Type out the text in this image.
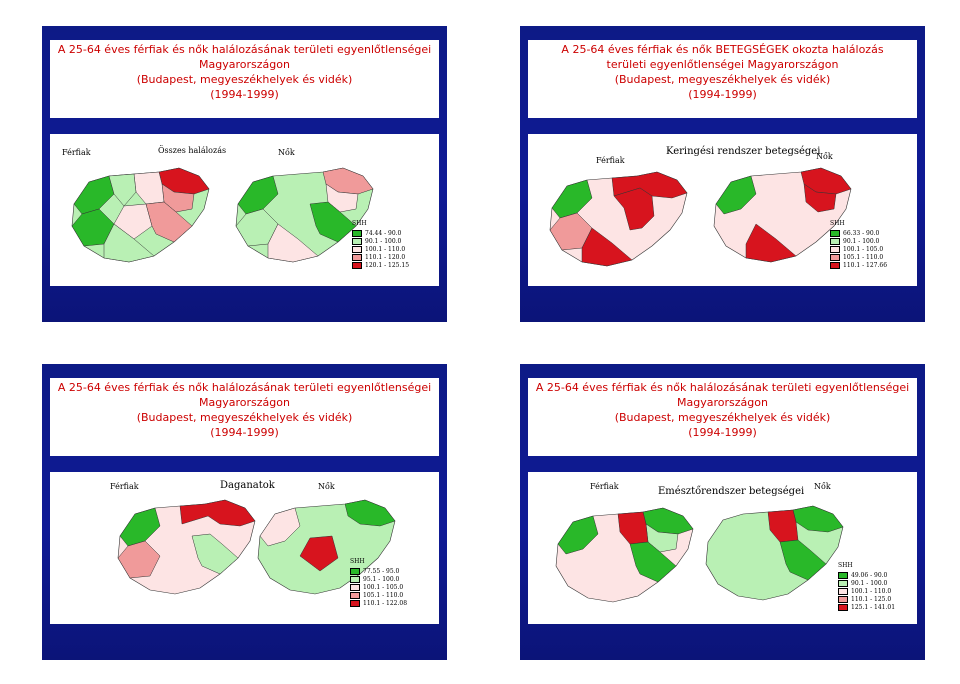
A 25-64 éves férfiak és nők halálozásának területi egyenlőtlenségei
Magyarországon
(Budapest, megyeszékhelyek és vidék)
(1994-1999)
Férfiak	Összes halálozás	Nők
SHH
74.44 - 90.0
90.1 - 100.0
100.1 - 110.0
110.1 - 120.0
120.1 - 125.15
A 25-64 éves férfiak és nők BETEGSÉGEK okozta halálozás
területi egyenlőtlenségei Magyarországon
(Budapest, megyeszékhelyek és vidék)
(1994-1999)
Férfiak
Keringési rendszer betegségei
Nők
SHH
66.33 - 90.0
90.1 - 100.0
100.1 - 105.0
105.1 - 110.0
110.1 - 127.66
A 25-64 éves férfiak és nők halálozásának területi egyenlőtlenségei
Magyarországon
(Budapest, megyeszékhelyek és vidék)
(1994-1999)
Férfiak	Daganatok	Nők
SHH
77.55 - 95.0
95.1 - 100.0
100.1 - 105.0
105.1 - 110.0
110.1 - 122.08
A 25-64 éves férfiak és nők halálozásának területi egyenlőtlenségei
Magyarországon
(Budapest, megyeszékhelyek és vidék)
(1994-1999)
Férfiak	Emésztőrendszer betegségei Nők
SHH
49.06 - 90.0
90.1 - 100.0
100.1 - 110.0
110.1 - 125.0
125.1 - 141.01
